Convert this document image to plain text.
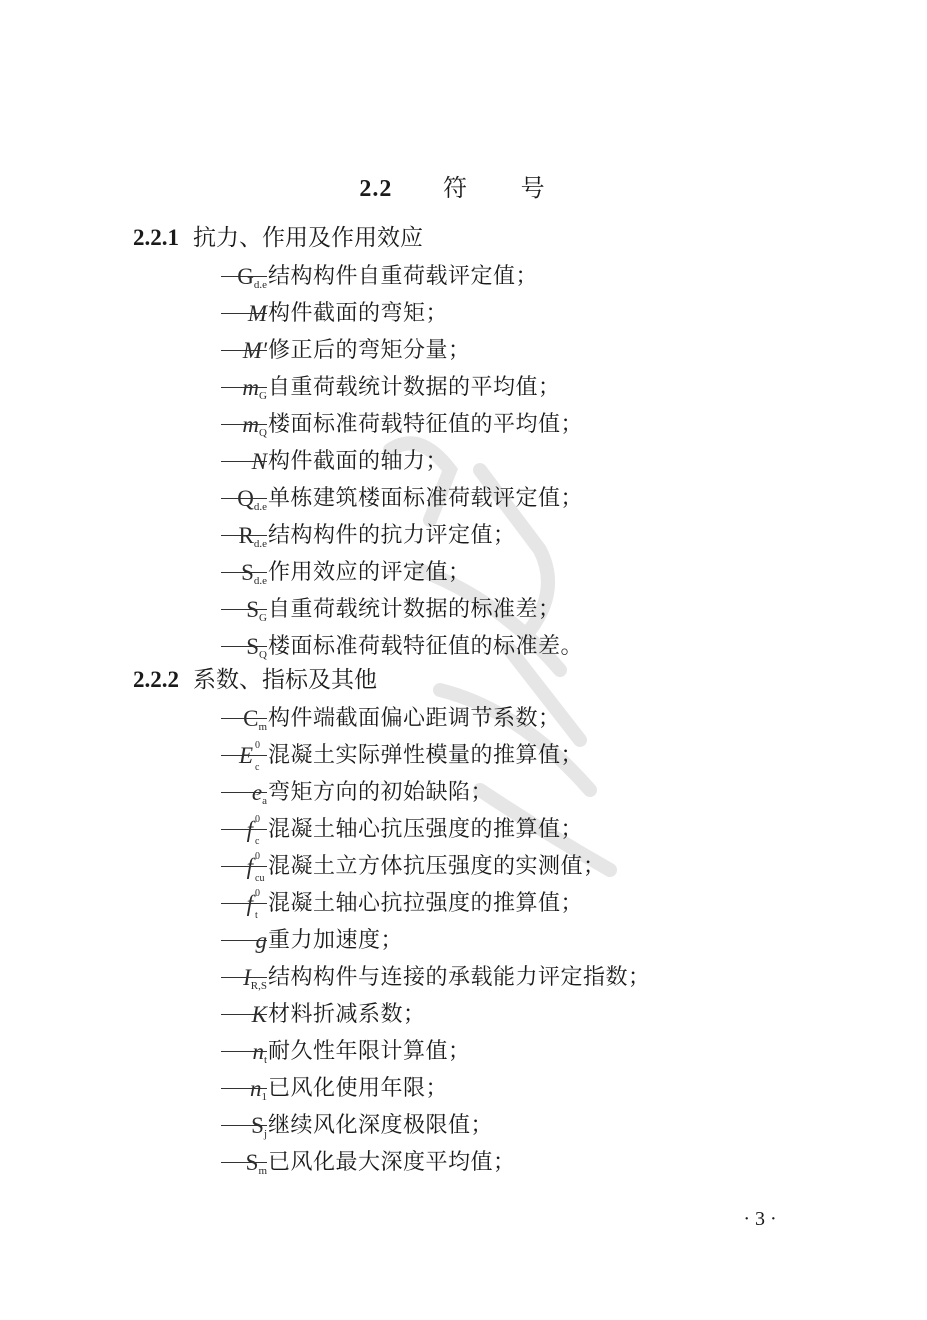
2.2 符 号
2.2.1 抗力、作用及作用效应
$G_{d.e}$ 结构构件自重荷载评定值；
M 构件截面的弯矩；
M′ 修正后的弯矩分量；
$m_G$ 自重荷载统计数据的平均值；
$m_Q$ 楼面标准荷载特征值的平均值；
N 构件截面的轴力；
$Q_{d.e}$ 单栋建筑楼面标准荷载评定值；
$R_{d.e}$ 结构构件的抗力评定值；
$S_{d.e}$ 作用效应的评定值；
$S_G$ 自重荷载统计数据的标准差；
$S_Q$ 楼面标准荷载特征值的标准差。
2.2.2 系数、指标及其他
$C_m$ 构件端截面偏心距调节系数；
E 0
c 混凝土实际弹性模量的推算值；
$e_a$ 弯矩方向的初始缺陷；
f 0
c 混凝土轴心抗压强度的推算值；
f 0
cu 混凝土立方体抗压强度的实测值；
f 0
t 混凝土轴心抗拉强度的推算值；
g 重力加速度；
$I_{R,S}$ 结构构件与连接的承载能力评定指数；
K 材料折减系数；
$n_t$ 耐久性年限计算值；
$n_1$ 已风化使用年限；
$S_j$ 继续风化深度极限值；
$S_m$ 已风化最大深度平均值；
· 3 ·
